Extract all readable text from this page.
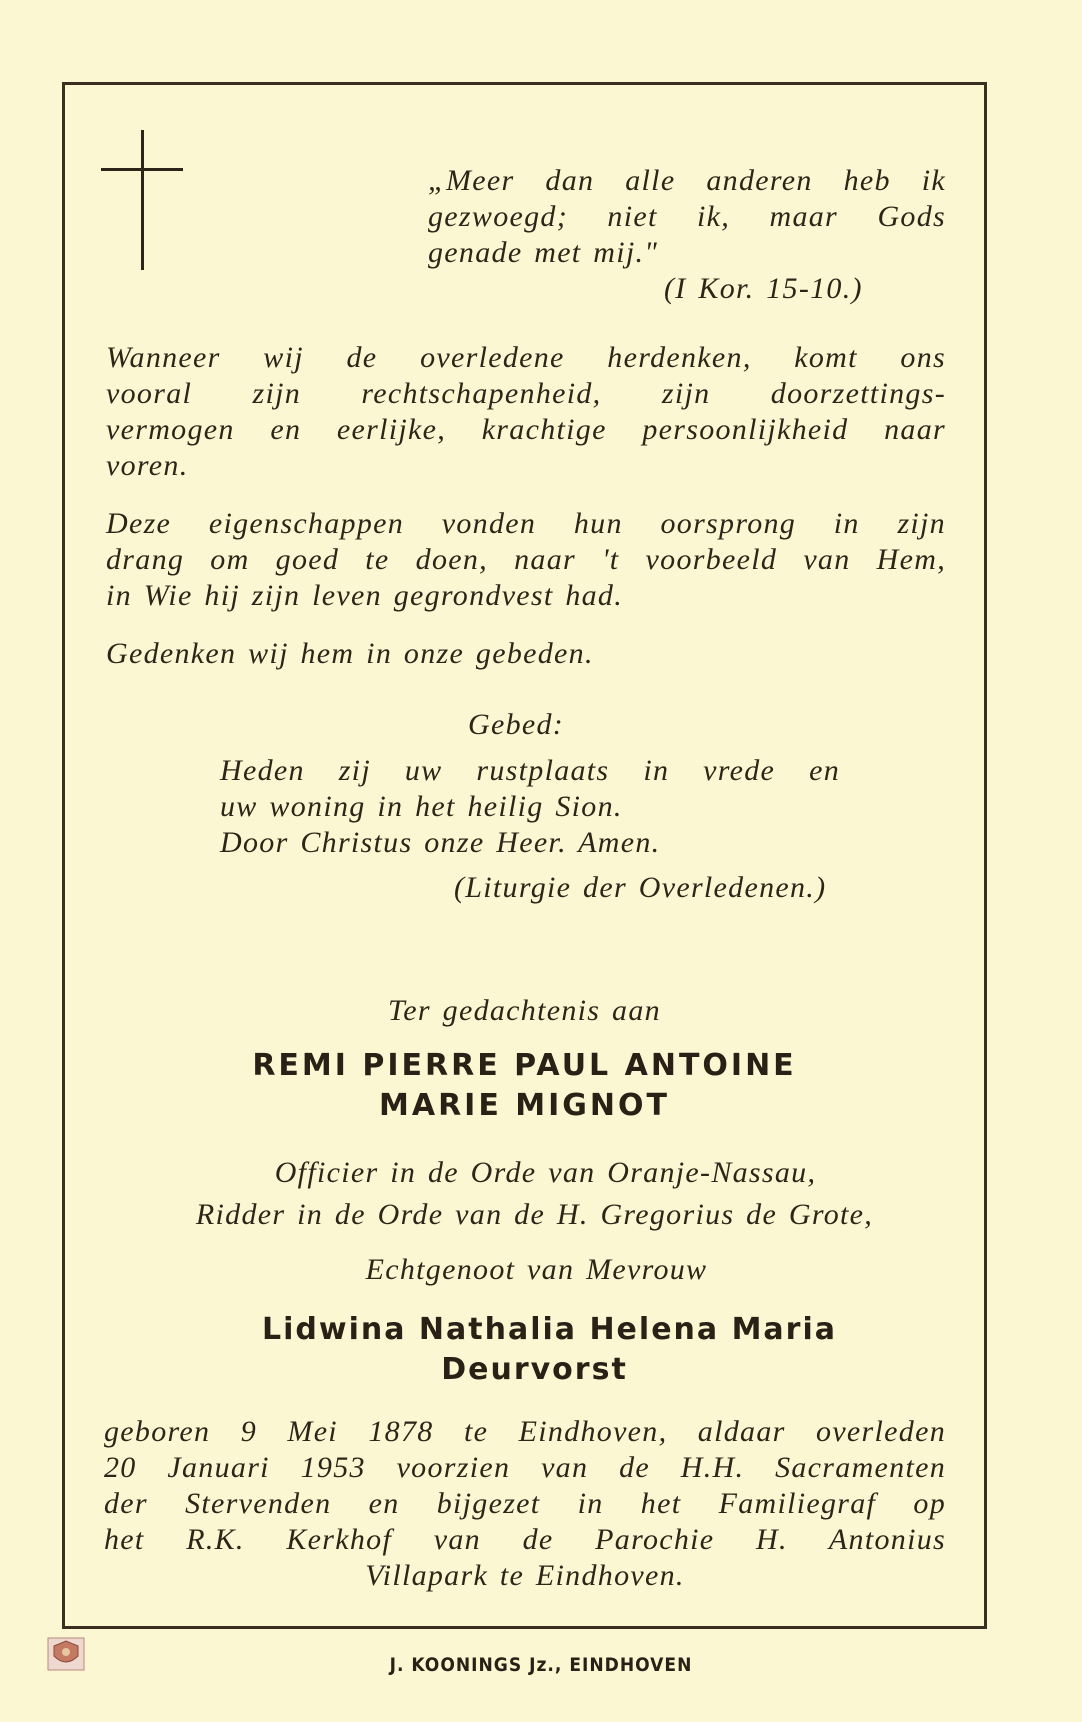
„Meer dan alle anderen heb ik
gezwoegd; niet ik, maar Gods
genade met mij."
(I Kor. 15-10.)
Wanneer wij de overledene herdenken, komt ons
vooral zijn rechtschapenheid, zijn doorzettings-
vermogen en eerlijke, krachtige persoonlijkheid naar
voren.
Deze eigenschappen vonden hun oorsprong in zijn
drang om goed te doen, naar 't voorbeeld van Hem,
in Wie hij zijn leven gegrondvest had.
Gedenken wij hem in onze gebeden.
Gebed:
Heden zij uw rustplaats in vrede en
uw woning in het heilig Sion.
Door Christus onze Heer. Amen.
(Liturgie der Overledenen.)
Ter gedachtenis aan
REMI PIERRE PAUL ANTOINE
MARIE MIGNOT
Officier in de Orde van Oranje-Nassau,
Ridder in de Orde van de H. Gregorius de Grote,
Echtgenoot van Mevrouw
Lidwina Nathalia Helena Maria
Deurvorst
geboren 9 Mei 1878 te Eindhoven, aldaar overleden
20 Januari 1953 voorzien van de H.H. Sacramenten
der Stervenden en bijgezet in het Familiegraf op
het R.K. Kerkhof van de Parochie H. Antonius
Villapark te Eindhoven.
J. KOONINGS Jz., EINDHOVEN
